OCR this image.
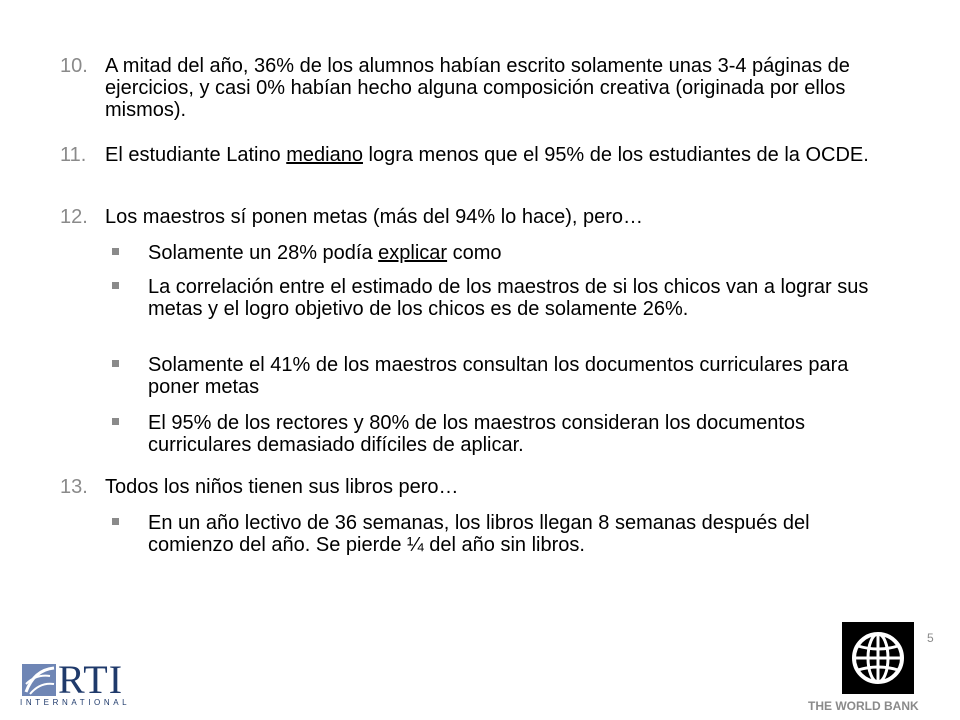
10. A mitad del año, 36% de los alumnos habían escrito solamente unas 3-4 páginas de ejercicios, y casi 0% habían hecho alguna composición creativa (originada por ellos mismos).
11. El estudiante Latino mediano logra menos que el 95% de los estudiantes de la OCDE.
12. Los maestros sí ponen metas (más del 94% lo hace), pero…
Solamente un 28% podía explicar como
La correlación entre el estimado de los maestros de si los chicos van a lograr sus metas y el logro objetivo de los chicos es de solamente 26%.
Solamente el 41% de los maestros consultan los documentos curriculares para poner metas
El 95% de los rectores y 80% de los maestros consideran los documentos curriculares demasiado difíciles de aplicar.
13. Todos los niños tienen sus libros pero…
En un año lectivo de 36 semanas, los libros llegan 8 semanas después del comienzo del año. Se pierde ¼ del año sin libros.
5
RTI
INTERNATIONAL	THE WORLD BANK
